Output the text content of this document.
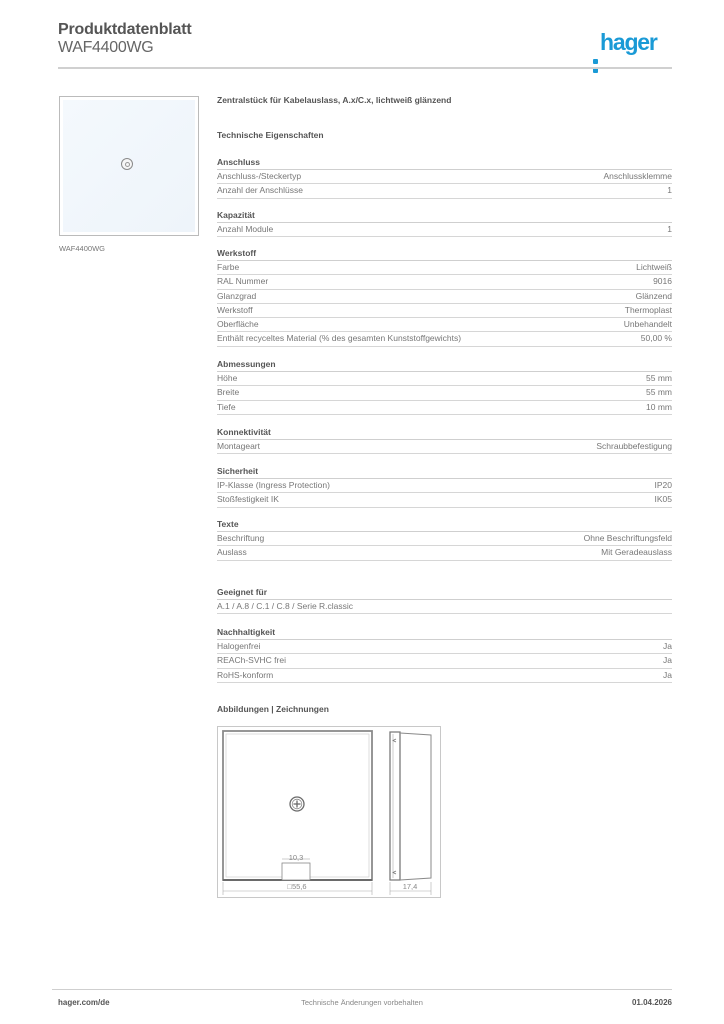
Produktdatenblatt
WAF4400WG	hager
WAF4400WG
Zentralstück für Kabelauslass, A.x/C.x, lichtweiß glänzend
Technische Eigenschaften
Anschluss
Anschluss-/Steckertyp	Anschlussklemme
Anzahl der Anschlüsse	1
Kapazität
Anzahl Module	1
Werkstoff
Farbe	Lichtweiß
RAL Nummer	9016
Glanzgrad	Glänzend
Werkstoff	Thermoplast
Oberfläche	Unbehandelt
Enthält recyceltes Material (% des gesamten Kunststoffgewichts)	50,00 %
Abmessungen
Höhe	55 mm
Breite	55 mm
Tiefe	10 mm
Konnektivität
Montageart	Schraubbefestigung
Sicherheit
IP-Klasse (Ingress Protection)	IP20
Stoßfestigkeit IK	IK05
Texte
Beschriftung	Ohne Beschriftungsfeld
Auslass	Mit Geradeauslass
Geeignet für
A.1 / A.8 / C.1 / C.8 / Serie R.classic
Nachhaltigkeit
Halogenfrei	Ja
REACh-SVHC frei	Ja
RoHS-konform	Ja
Abbildungen | Zeichnungen
□55,6
10,3
17,4
hager.com/de	Technische Änderungen vorbehalten	01.04.2026
